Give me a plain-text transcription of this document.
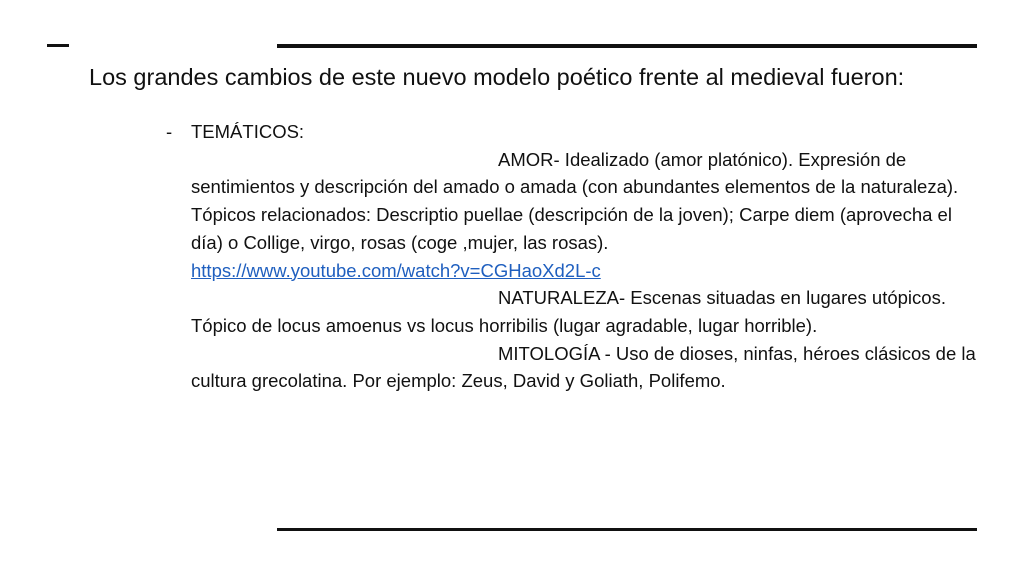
Los grandes cambios de este nuevo modelo poético frente al medieval fueron:
-	TEMÁTICOS:

AMOR- Idealizado (amor platónico). Expresión de sentimientos y descripción del amado o amada (con abundantes elementos de la naturaleza). Tópicos relacionados: Descriptio puellae (descripción de la joven); Carpe diem (aprovecha el día) o Collige, virgo, rosas (coge ,mujer, las rosas).

https://www.youtube.com/watch?v=CGHaoXd2L-c

NATURALEZA- Escenas situadas en lugares utópicos. Tópico de locus amoenus vs locus horribilis (lugar agradable, lugar horrible).

MITOLOGÍA - Uso de dioses, ninfas, héroes clásicos de la cultura grecolatina. Por ejemplo: Zeus, David y Goliath, Polifemo.
